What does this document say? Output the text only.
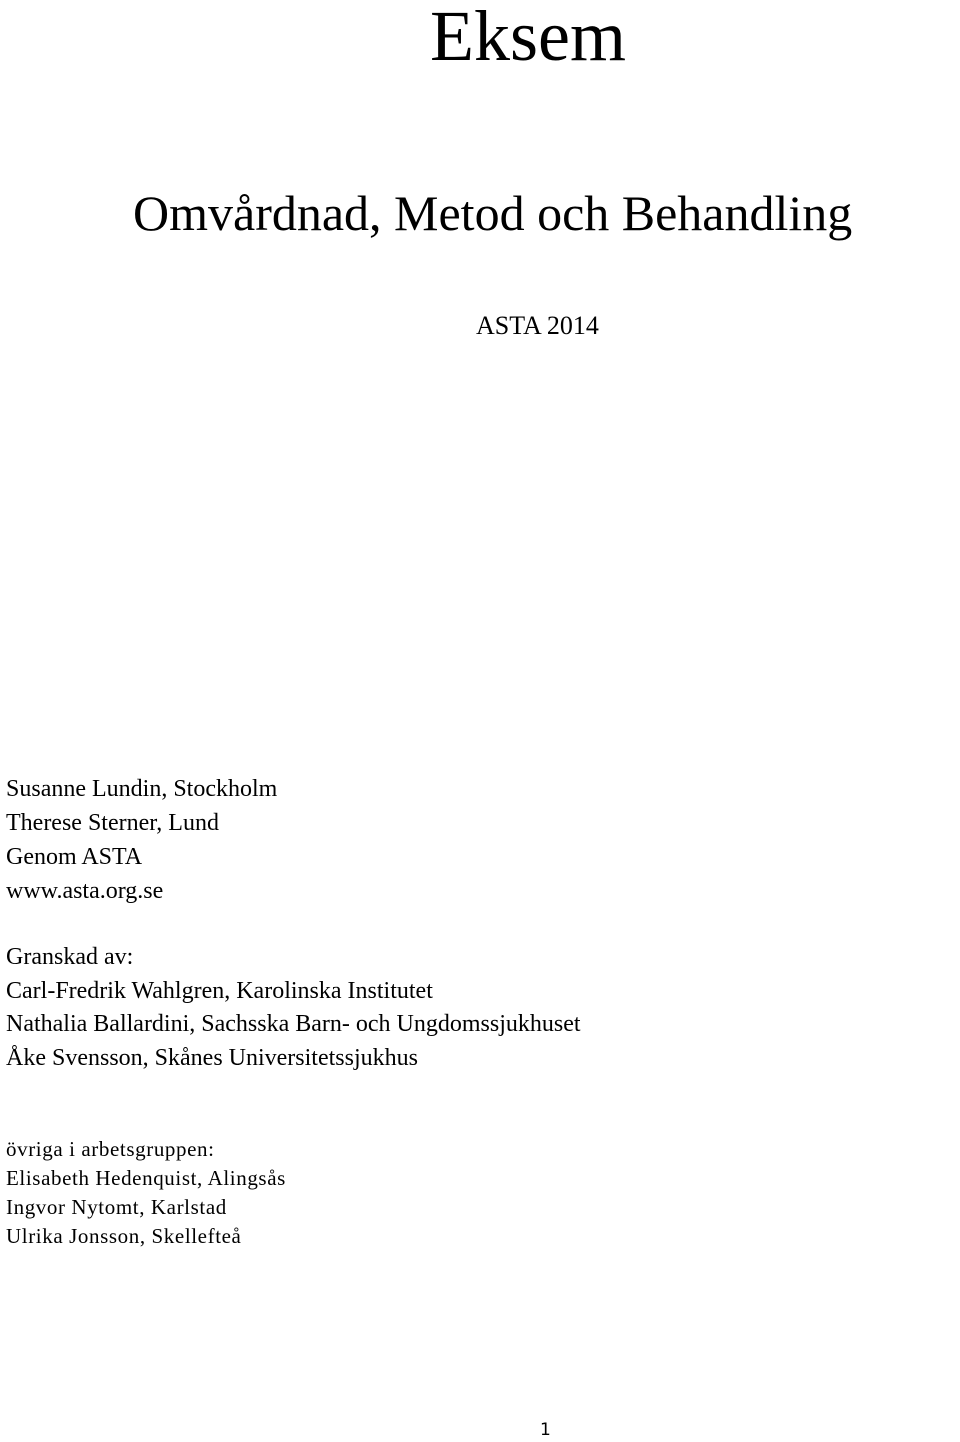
Eksem
Omvårdnad, Metod och Behandling
ASTA 2014
Susanne Lundin, Stockholm
Therese Sterner, Lund
Genom ASTA
www.asta.org.se
Granskad av:
Carl-Fredrik Wahlgren, Karolinska Institutet
Nathalia Ballardini, Sachsska Barn- och Ungdomssjukhuset
Åke Svensson, Skånes Universitetssjukhus
övriga i arbetsgruppen:
Elisabeth Hedenquist, Alingsås
Ingvor Nytomt, Karlstad
Ulrika Jonsson, Skellefteå
1
